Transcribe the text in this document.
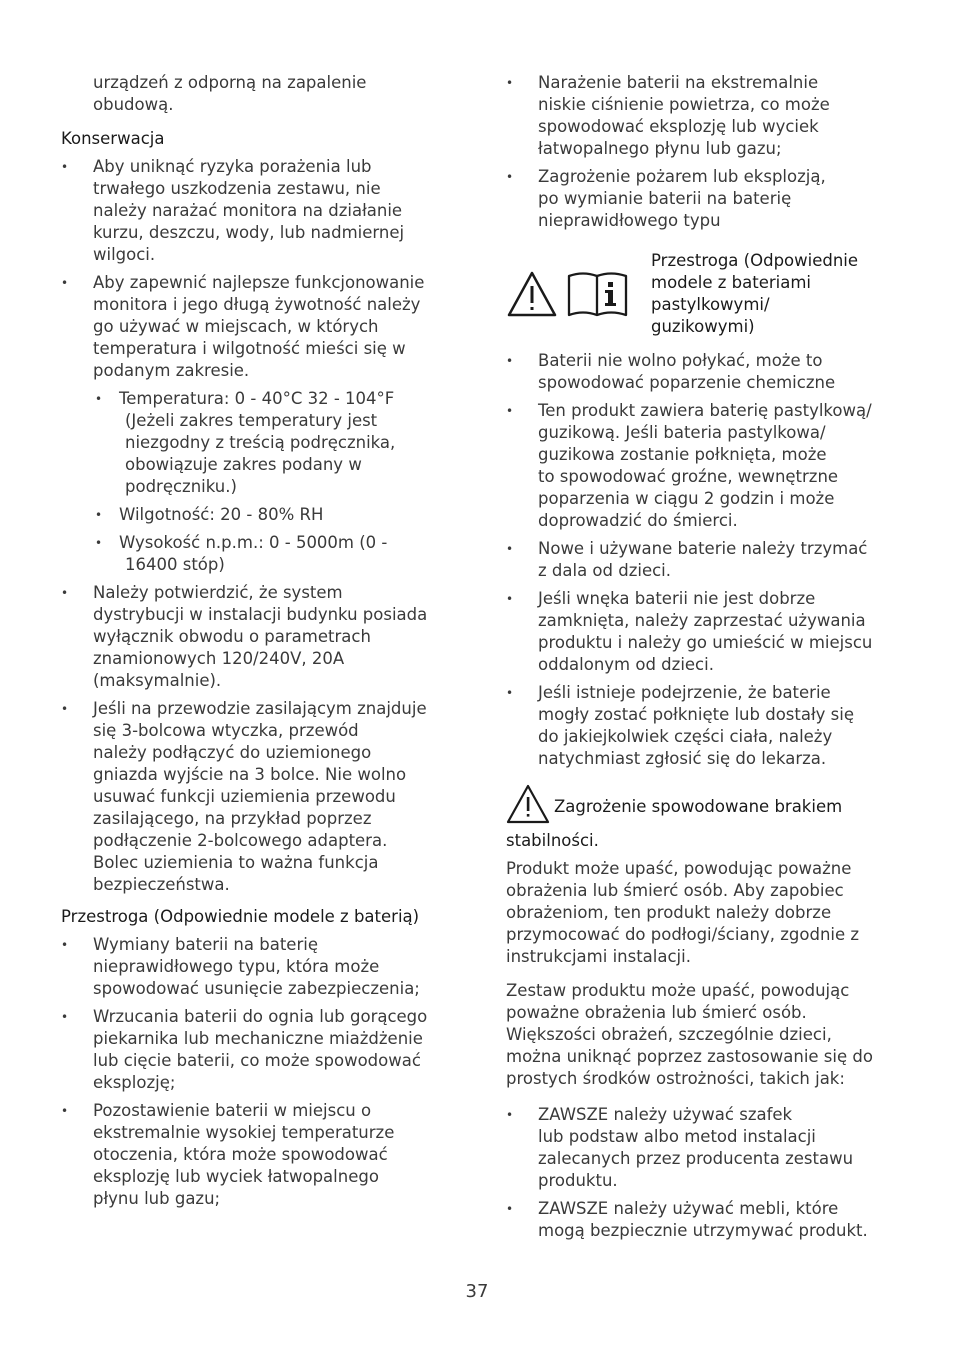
urządzeń z odporną na zapalenie
obudową.

Konserwacja

• Aby uniknąć ryzyka porażenia lub
trwałego uszkodzenia zestawu, nie
należy narażać monitora na działanie
kurzu, deszczu, wody, lub nadmiernej
wilgoci.
• Aby zapewnić najlepsze funkcjonowanie
monitora i jego długą żywotność należy
go używać w miejscach, w których
temperatura i wilgotność mieści się w
podanym zakresie.
• Temperatura: 0 - 40°C 32 - 104°F
(Jeżeli zakres temperatury jest
niezgodny z treścią podręcznika,
obowiązuje zakres podany w
podręczniku.)
• Wilgotność: 20 - 80% RH
• Wysokość n.p.m.: 0 - 5000m (0 -
16400 stóp)
• Należy potwierdzić, że system
dystrybucji w instalacji budynku posiada
wyłącznik obwodu o parametrach
znamionowych 120/240V, 20A
(maksymalnie).
• Jeśli na przewodzie zasilającym znajduje
się 3-bolcowa wtyczka, przewód
należy podłączyć do uziemionego
gniazda wyjście na 3 bolce. Nie wolno
usuwać funkcji uziemienia przewodu
zasilającego, na przykład poprzez
podłączenie 2-bolcowego adaptera.
Bolec uziemienia to ważna funkcja
bezpieczeństwa.

Przestroga (Odpowiednie modele z baterią)

• Wymiany baterii na baterię
nieprawidłowego typu, która może
spowodować usunięcie zabezpieczenia;
• Wrzucania baterii do ognia lub gorącego
piekarnika lub mechaniczne miażdżenie
lub cięcie baterii, co może spowodować
eksplozję;
• Pozostawienie baterii w miejscu o
ekstremalnie wysokiej temperaturze
otoczenia, która może spowodować
eksplozję lub wyciek łatwopalnego
płynu lub gazu;
• Narażenie baterii na ekstremalnie
niskie ciśnienie powietrza, co może
spowodować eksplozję lub wyciek
łatwopalnego płynu lub gazu;
• Zagrożenie pożarem lub eksplozją,
po wymianie baterii na baterię
nieprawidłowego typu
Przestroga (Odpowiednie
modele z bateriami
pastylkowymi/
guzikowymi)
• Baterii nie wolno połykać, może to
spowodować poparzenie chemiczne
• Ten produkt zawiera baterię pastylkową/
guzikową. Jeśli bateria pastylkowa/
guzikowa zostanie połknięta, może
to spowodować groźne, wewnętrzne
poparzenia w ciągu 2 godzin i może
doprowadzić do śmierci.
• Nowe i używane baterie należy trzymać
z dala od dzieci.
• Jeśli wnęka baterii nie jest dobrze
zamknięta, należy zaprzestać używania
produktu i należy go umieścić w miejscu
oddalonym od dzieci.
• Jeśli istnieje podejrzenie, że baterie
mogły zostać połknięte lub dostały się
do jakiejkolwiek części ciała, należy
natychmiast zgłosić się do lekarza.
Zagrożenie spowodowane brakiem
stabilności.

Produkt może upaść, powodując poważne
obrażenia lub śmierć osób. Aby zapobiec
obrażeniom, ten produkt należy dobrze
przymocować do podłogi/ściany, zgodnie z
instrukcjami instalacji.

Zestaw produktu może upaść, powodując
poważne obrażenia lub śmierć osób.
Większości obrażeń, szczególnie dzieci,
można uniknąć poprzez zastosowanie się do
prostych środków ostrożności, takich jak:

• ZAWSZE należy używać szafek
lub podstaw albo metod instalacji
zalecanych przez producenta zestawu
produktu.
• ZAWSZE należy używać mebli, które
mogą bezpiecznie utrzymywać produkt.
37
